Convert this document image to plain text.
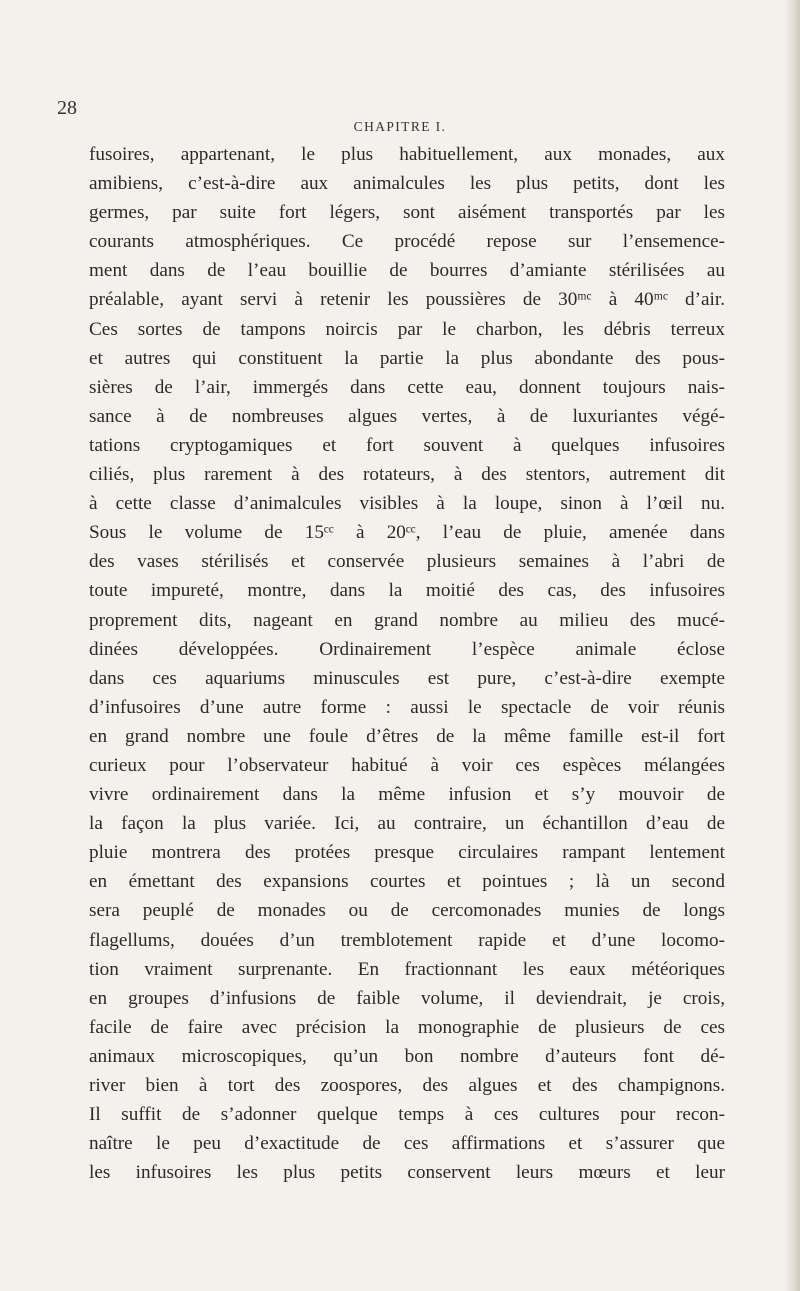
28
CHAPITRE I.
fusoires, appartenant, le plus habituellement, aux monades, aux
amibiens, c’est-à-dire aux animalcules les plus petits, dont les
germes, par suite fort légers, sont aisément transportés par les
courants atmosphériques. Ce procédé repose sur l’ensemence-
ment dans de l’eau bouillie de bourres d’amiante stérilisées au
préalable, ayant servi à retenir les poussières de 30ᵐᶜ à 40ᵐᶜ d’air.
Ces sortes de tampons noircis par le charbon, les débris terreux
et autres qui constituent la partie la plus abondante des pous-
sières de l’air, immergés dans cette eau, donnent toujours nais-
sance à de nombreuses algues vertes, à de luxuriantes végé-
tations cryptogamiques et fort souvent à quelques infusoires
ciliés, plus rarement à des rotateurs, à des stentors, autrement dit
à cette classe d’animalcules visibles à la loupe, sinon à l’œil nu.
Sous le volume de 15ᶜᶜ à 20ᶜᶜ, l’eau de pluie, amenée dans
des vases stérilisés et conservée plusieurs semaines à l’abri de
toute impureté, montre, dans la moitié des cas, des infusoires
proprement dits, nageant en grand nombre au milieu des mucé-
dinées développées. Ordinairement l’espèce animale éclose
dans ces aquariums minuscules est pure, c’est-à-dire exempte
d’infusoires d’une autre forme : aussi le spectacle de voir réunis
en grand nombre une foule d’êtres de la même famille est-il fort
curieux pour l’observateur habitué à voir ces espèces mélangées
vivre ordinairement dans la même infusion et s’y mouvoir de
la façon la plus variée. Ici, au contraire, un échantillon d’eau de
pluie montrera des protées presque circulaires rampant lentement
en émettant des expansions courtes et pointues ; là un second
sera peuplé de monades ou de cercomonades munies de longs
flagellums, douées d’un tremblotement rapide et d’une locomo-
tion vraiment surprenante. En fractionnant les eaux météoriques
en groupes d’infusions de faible volume, il deviendrait, je crois,
facile de faire avec précision la monographie de plusieurs de ces
animaux microscopiques, qu’un bon nombre d’auteurs font dé-
river bien à tort des zoospores, des algues et des champignons.
Il suffit de s’adonner quelque temps à ces cultures pour recon-
naître le peu d’exactitude de ces affirmations et s’assurer que
les infusoires les plus petits conservent leurs mœurs et leur
